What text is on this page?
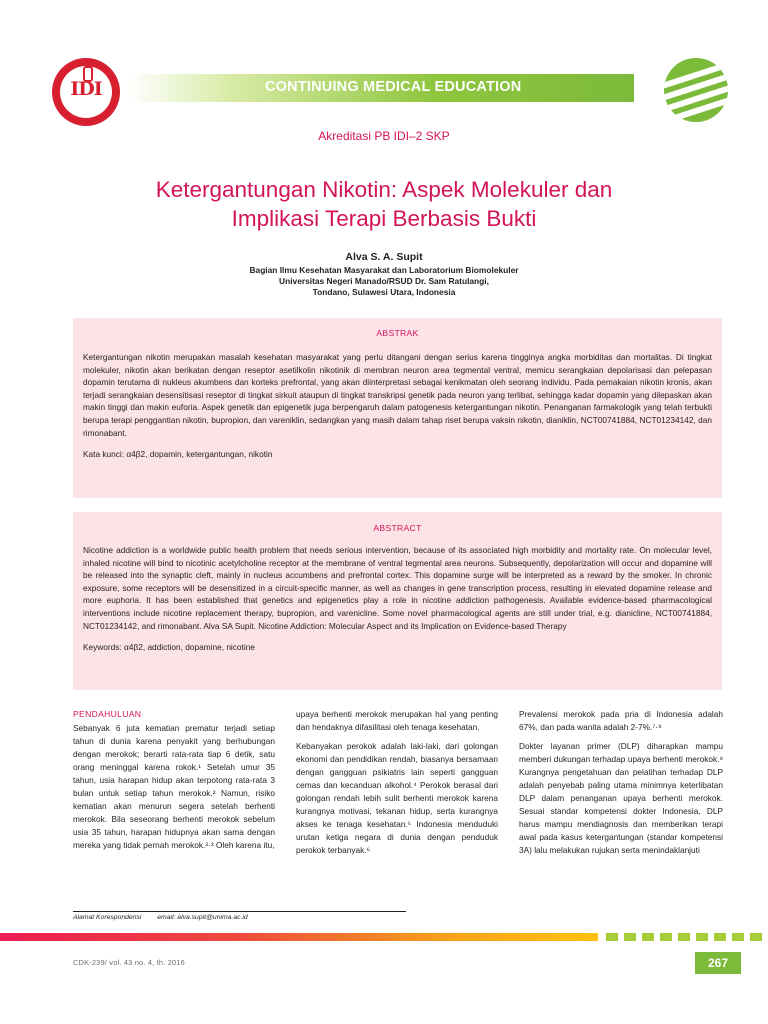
IDI	CONTINUING MEDICAL EDUCATION
Akreditasi PB IDI–2 SKP
Ketergantungan Nikotin: Aspek Molekuler dan
Implikasi Terapi Berbasis Bukti
Alva S. A. Supit
Bagian Ilmu Kesehatan Masyarakat dan Laboratorium Biomolekuler
Universitas Negeri Manado/RSUD Dr. Sam Ratulangi,
Tondano, Sulawesi Utara, Indonesia
ABSTRAK
Ketergantungan nikotin merupakan masalah kesehatan masyarakat yang perlu ditangani dengan serius karena tingginya angka morbiditas dan mortalitas. Di tingkat molekuler, nikotin akan berikatan dengan reseptor asetilkolin nikotinik di membran neuron area tegmental ventral, memicu serangkaian depolarisasi dan pelepasan dopamin terutama di nukleus akumbens dan korteks prefrontal, yang akan diinterpretasi sebagai kenikmatan oleh seorang individu. Pada pemakaian nikotin kronis, akan terjadi serangkaian desensitisasi reseptor di tingkat sirkuit ataupun di tingkat transkripsi genetik pada neuron yang terlibat, sehingga kadar dopamin yang dilepaskan akan makin tinggi dan makin euforia. Aspek genetik dan epigenetik juga berpengaruh dalam patogenesis ketergantungan nikotin. Penanganan farmakologik yang telah terbukti berupa terapi penggantian nikotin, bupropion, dan vareniklin, sedangkan yang masih dalam tahap riset berupa vaksin nikotin, dianiklin, NCT00741884, NCT01234142, dan rimonabant.
Kata kunci: α4β2, dopamin, ketergantungan, nikotin
ABSTRACT
Nicotine addiction is a worldwide public health problem that needs serious intervention, because of its associated high morbidity and mortality rate. On molecular level, inhaled nicotine will bind to nicotinic acetylcholine receptor at the membrane of ventral tegmental area neurons. Subsequently, depolarization will occur and dopamine will be released into the synaptic cleft, mainly in nucleus accumbens and prefrontal cortex. This dopamine surge will be interpreted as a reward by the smoker. In chronic exposure, some receptors will be desensitized in a circuit-specific manner, as well as changes in gene transcription process, resulting in elevated dopamine release and more euphoria. It has been established that genetics and epigenetics play a role in nicotine addiction pathogenesis. Available evidence-based pharmacological interventions include nicotine replacement therapy, bupropion, and varenicline. Some novel pharmacological agents are still under trial, e.g. dianicline, NCT00741884, NCT01234142, and rimonabant. Alva SA Supit. Nicotine Addiction: Molecular Aspect and its Implication on Evidence-based Therapy
Keywords: α4β2, addiction, dopamine, nicotine
PENDAHULUAN

Sebanyak 6 juta kematian prematur terjadi setiap tahun di dunia karena penyakit yang berhubungan dengan merokok; berarti rata-rata tiap 6 detik, satu orang meninggal karena rokok.¹ Setelah umur 35 tahun, usia harapan hidup akan terpotong rata-rata 3 bulan untuk setiap tahun merokok.² Namun, risiko kematian akan menurun segera setelah berhenti merokok. Bila seseorang berhenti merokok sebelum usia 35 tahun, harapan hidupnya akan sama dengan mereka yang tidak pernah merokok.²·³ Oleh karena itu,

upaya berhenti merokok merupakan hal yang penting dan hendaknya difasilitasi oleh tenaga kesehatan.

Kebanyakan perokok adalah laki-laki, dari golongan ekonomi dan pendidikan rendah, biasanya bersamaan dengan gangguan psikiatris lain seperti gangguan cemas dan kecanduan alkohol.⁴ Perokok berasal dari golongan rendah lebih sulit berhenti merokok karena kurangnya motivasi, tekanan hidup, serta kurangnya akses ke tenaga kesehatan.⁵ Indonesia menduduki urutan ketiga negara di dunia dengan penduduk perokok terbanyak.⁶

Prevalensi merokok pada pria di Indonesia adalah 67%, dan pada wanita adalah 2-7%.⁷·⁸

Dokter layanan primer (DLP) diharapkan mampu memberi dukungan terhadap upaya berhenti merokok.⁹ Kurangnya pengetahuan dan pelatihan terhadap DLP adalah penyebab paling utama minimnya keterlibatan DLP dalam penanganan upaya berhenti merokok. Sesuai standar kompetensi dokter Indonesia, DLP harus mampu mendiagnosis dan memberikan terapi awal pada kasus ketergantungan (standar kompetensi 3A) lalu melakukan rujukan serta menindaklanjuti

Alamat Korespondensi email: alva.supit@unima.ac.id
CDK-239/ vol. 43 no. 4, th. 2016	267
